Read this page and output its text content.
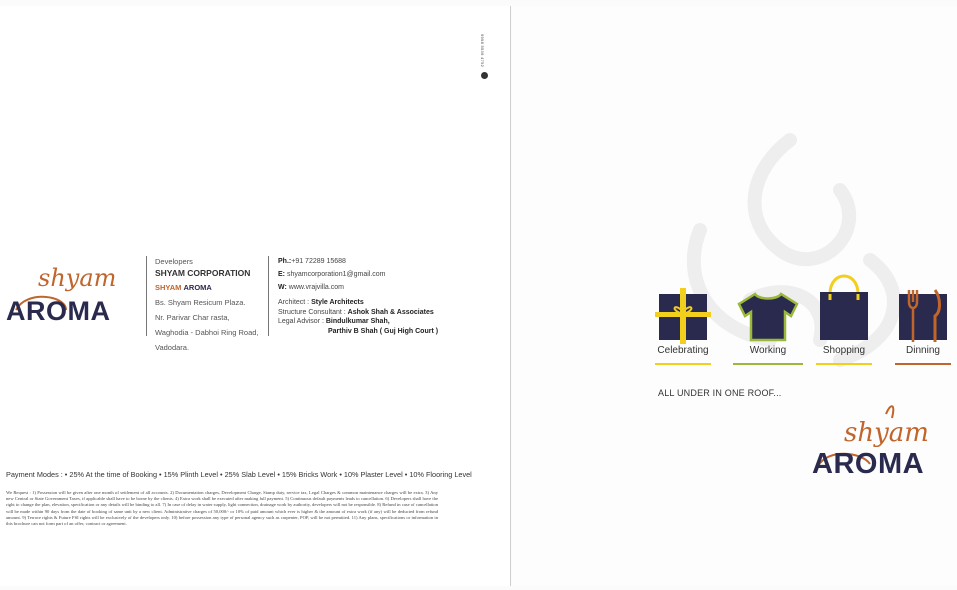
shyam
AROMA
Developers
SHYAM CORPORATION
SHYAM AROMA
Bs. Shyam Resicum Plaza.
Nr. Parivar Char rasta,
Waghodia - Dabhoi Ring Road,
Vadodara.
Ph.:+91 72289 15688
E: shyamcorporation1@gmail.com
W: www.vrajvilla.com
Architect : Style Architects
Structure Consultant : Ashok Shah & Associates
Legal Advisor : Bindulkumar Shah,
Parthiv B Shah ( Guj High Court )
9998 5536 4792
Payment Modes : • 25% At the time of Booking • 15% Plinth Level • 25% Slab Level • 15% Bricks Work • 10% Plaster Level • 10% Flooring Level
We Request : 1) Possession will be given after one month of settlement of all accounts. 2) Documentation charges, Development Charge, Stamp duty, service tax, Legal Charges & common maintenance charges will be extra. 3) Any new Central or State Government Taxes, if applicable shall have to be borne by the clients. 4) Extra work shall be executed after making full payment. 5) Continuous default payments leads to cancellation. 6) Developers shall have the right to change the plan, elevation, specification or any details will be binding to all. 7) In case of delay in water supply, light connection, drainage work by authority, developers will not be responsible. 8) Refund in case of cancellation will be made within 90 days from the date of booking of same unit by a new client. Administrative charges of 50,000/- or 10% of paid amount which ever is higher & the amount of extra work (if any) will be deducted from refund amount. 9) Terrace rights & Future FSI rights will be exclusively of the developers only. 10) before possession any type of personal agency such as carpenter, POP, will be not permitted. 11) Any plans, specifications or information in this brochure can not form part of an offer, contract or agreement.
Celebrating	Working	Shopping	Dinning
ALL UNDER IN ONE ROOF...
shyam
AROMA
